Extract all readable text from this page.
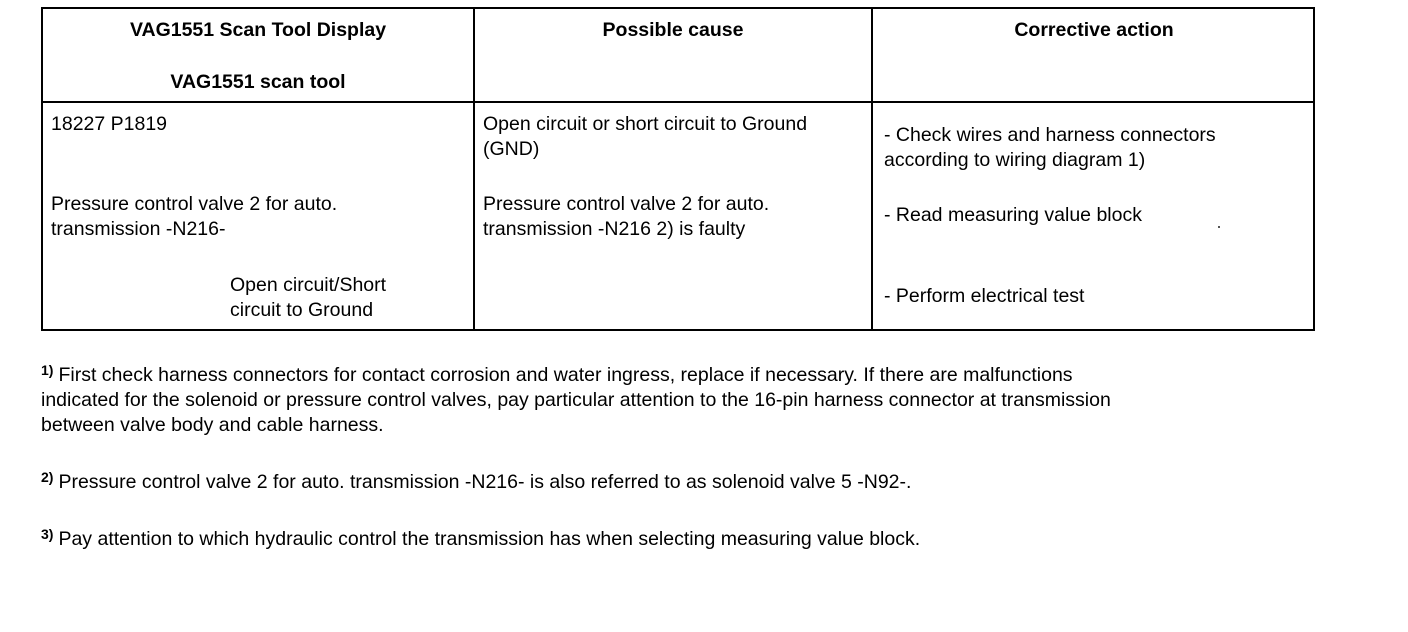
VAG1551 Scan Tool Display
VAG1551 scan tool
Possible cause	Corrective action
18227 P1819
Pressure control valve 2 for auto.
transmission -N216-
Open circuit/Short
circuit to Ground
Open circuit or short circuit to Ground
(GND)
Pressure control valve 2 for auto.
transmission -N216 2) is faulty
- Check wires and harness connectors
according to wiring diagram 1)
- Read measuring value block
- Perform electrical test
$^{1)}$ First check harness connectors for contact corrosion and water ingress, replace if necessary. If there are malfunctions
indicated for the solenoid or pressure control valves, pay particular attention to the 16-pin harness connector at transmission
between valve body and cable harness.
$^{2)}$ Pressure control valve 2 for auto. transmission -N216- is also referred to as solenoid valve 5 -N92-.
$^{3)}$ Pay attention to which hydraulic control the transmission has when selecting measuring value block.
